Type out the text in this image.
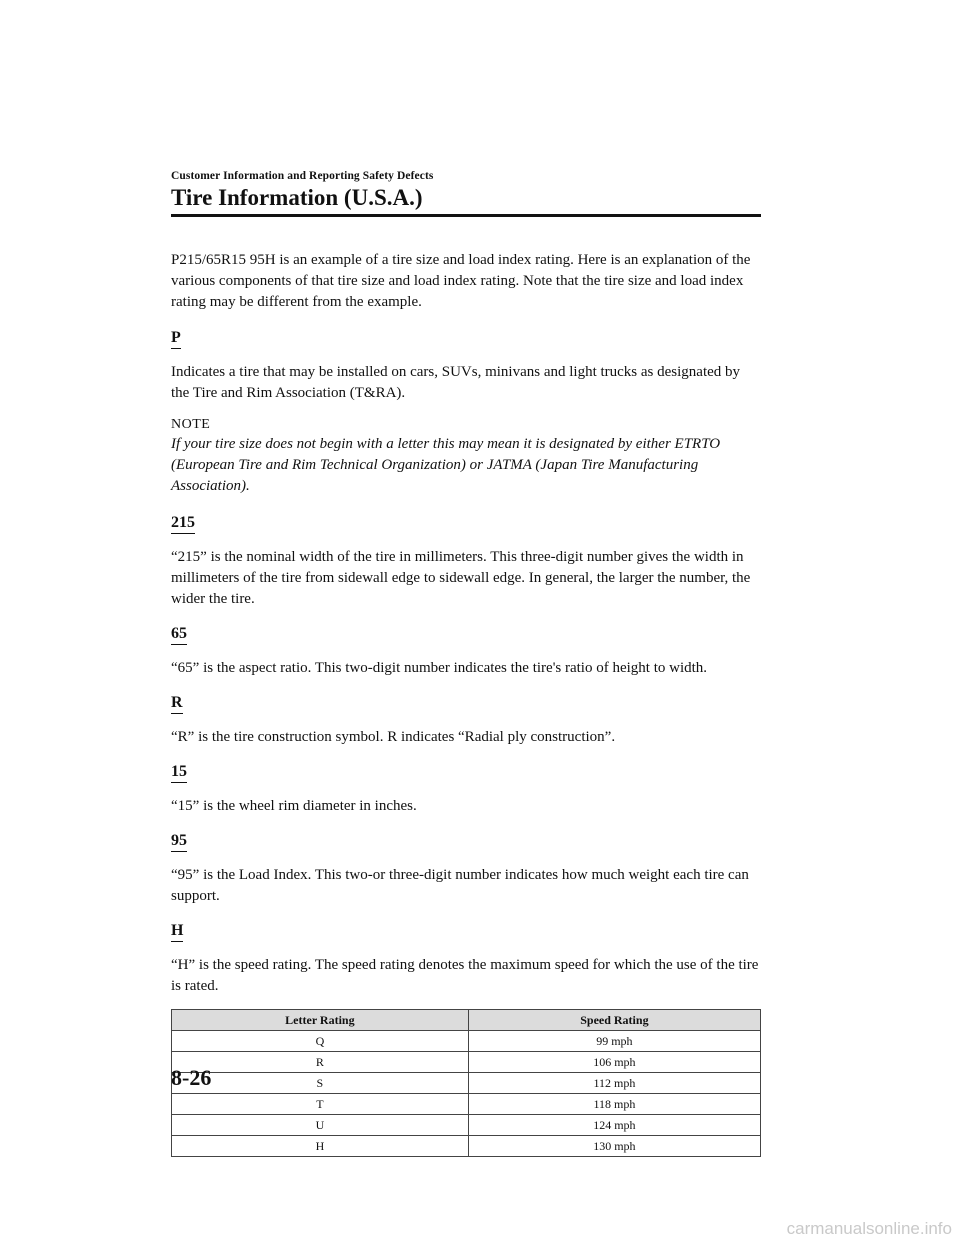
Customer Information and Reporting Safety Defects
Tire Information (U.S.A.)

P215/65R15 95H is an example of a tire size and load index rating. Here is an explanation of the various components of that tire size and load index rating. Note that the tire size and load index rating may be different from the example.

P

Indicates a tire that may be installed on cars, SUVs, minivans and light trucks as designated by the Tire and Rim Association (T&RA).

NOTE

If your tire size does not begin with a letter this may mean it is designated by either ETRTO (European Tire and Rim Technical Organization) or JATMA (Japan Tire Manufacturing Association).

215

“215” is the nominal width of the tire in millimeters. This three-digit number gives the width in millimeters of the tire from sidewall edge to sidewall edge. In general, the larger the number, the wider the tire.

65

“65” is the aspect ratio. This two-digit number indicates the tire's ratio of height to width.

R

“R” is the tire construction symbol. R indicates “Radial ply construction”.

15

“15” is the wheel rim diameter in inches.

95

“95” is the Load Index. This two-or three-digit number indicates how much weight each tire can support.

H

“H” is the speed rating. The speed rating denotes the maximum speed for which the use of the tire is rated.

Letter Rating	Speed Rating
Q	99 mph
R	106 mph
S	112 mph
T	118 mph
U	124 mph
H	130 mph
8-26
carmanualsonline.info
